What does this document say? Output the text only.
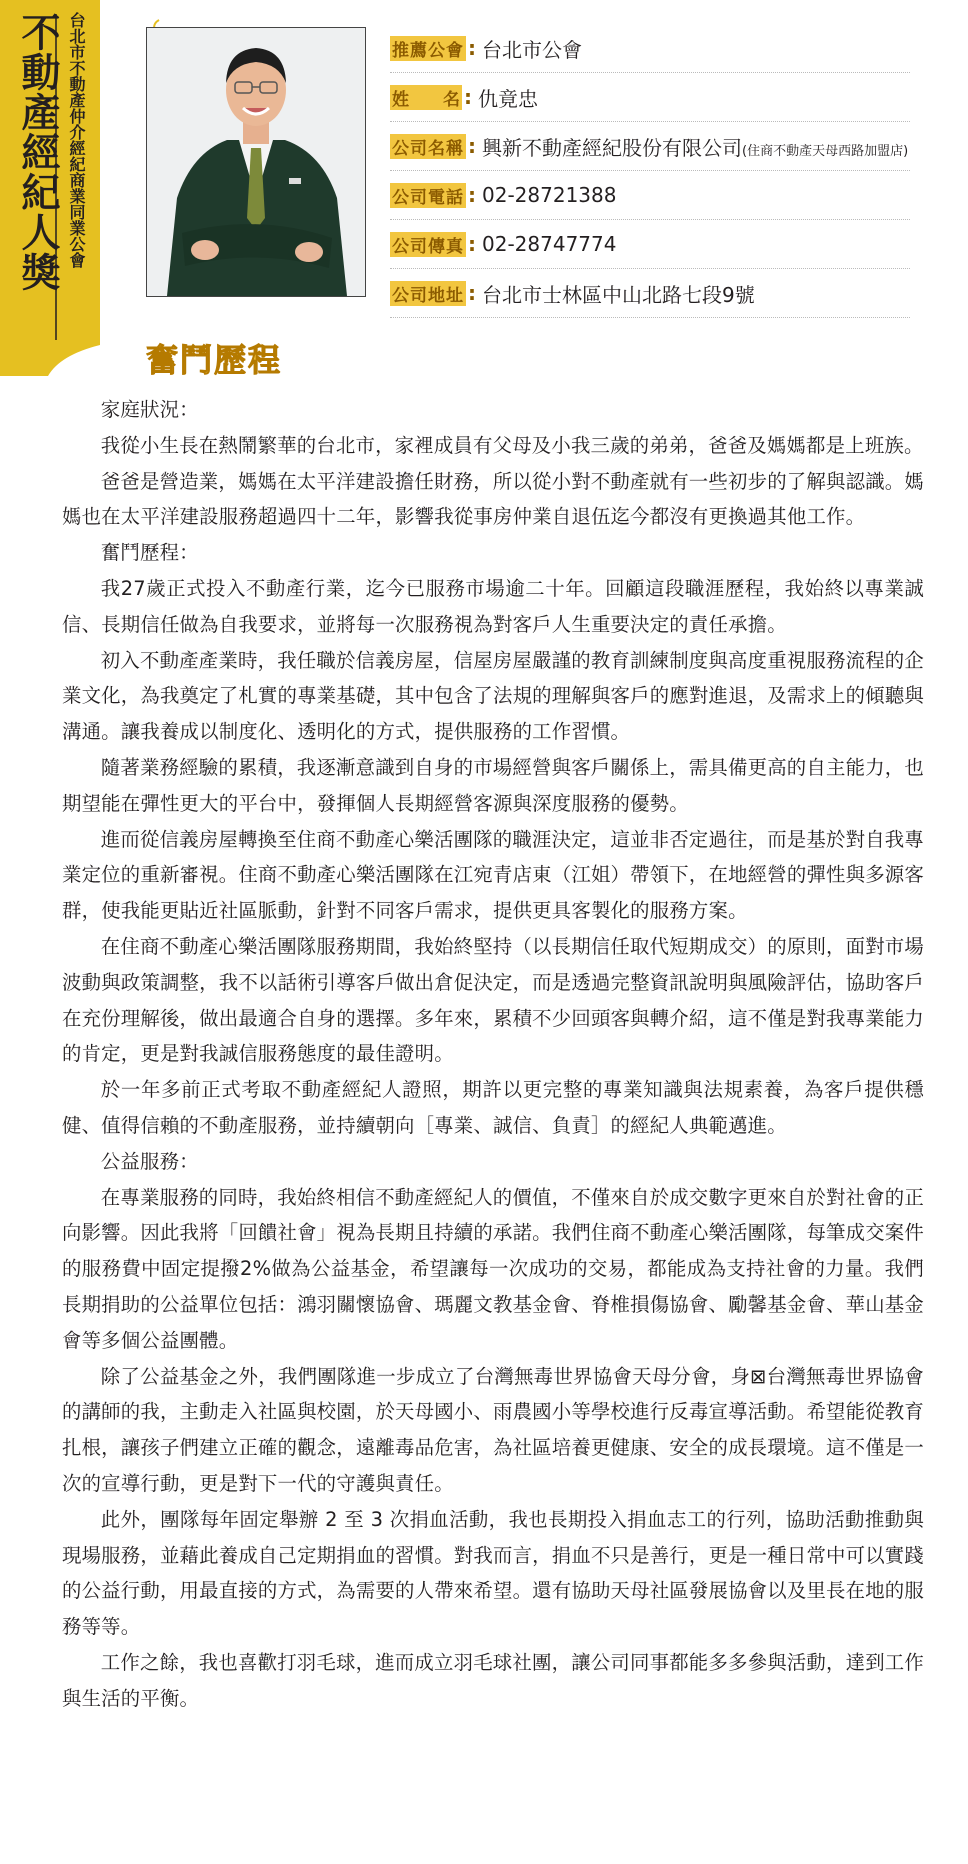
不動產經紀人獎 台北市不動產仲介經紀商業同業公會	推薦公會 : 台北市公會
姓　　名 : 仇竟忠
公司名稱 : 興新不動產經紀股份有限公司(住商不動產天母西路加盟店)
公司電話 : 02-28721388
公司傳真 : 02-28747774
公司地址 : 台北市士林區中山北路七段9號
奮鬥歷程

家庭狀況：

我從小生長在熱鬧繁華的台北市，家裡成員有父母及小我三歲的弟弟，爸爸及媽媽都是上班族。

爸爸是營造業，媽媽在太平洋建設擔任財務，所以從小對不動產就有一些初步的了解與認識。媽媽也在太平洋建設服務超過四十二年，影響我從事房仲業自退伍迄今都沒有更換過其他工作。

奮鬥歷程：

我27歲正式投入不動產行業，迄今已服務市場逾二十年。回顧這段職涯歷程，我始終以專業誠信、長期信任做為自我要求，並將每一次服務視為對客戶人生重要決定的責任承擔。

初入不動產產業時，我任職於信義房屋，信屋房屋嚴謹的教育訓練制度與高度重視服務流程的企業文化，為我奠定了札實的專業基礎，其中包含了法規的理解與客戶的應對進退，及需求上的傾聽與溝通。讓我養成以制度化、透明化的方式，提供服務的工作習慣。

隨著業務經驗的累積，我逐漸意識到自身的市場經營與客戶關係上，需具備更高的自主能力，也期望能在彈性更大的平台中，發揮個人長期經營客源與深度服務的優勢。

進而從信義房屋轉換至住商不動產心樂活團隊的職涯決定，這並非否定過往，而是基於對自我專業定位的重新審視。住商不動產心樂活團隊在江宛青店東（江姐）帶領下，在地經營的彈性與多源客群，使我能更貼近社區脈動，針對不同客戶需求，提供更具客製化的服務方案。

在住商不動產心樂活團隊服務期間，我始終堅持（以長期信任取代短期成交）的原則，面對市場波動與政策調整，我不以話術引導客戶做出倉促決定，而是透過完整資訊說明與風險評估，協助客戶在充份理解後，做出最適合自身的選擇。多年來，累積不少回頭客與轉介紹，這不僅是對我專業能力的肯定，更是對我誠信服務態度的最佳證明。

於一年多前正式考取不動產經紀人證照，期許以更完整的專業知識與法規素養，為客戶提供穩健、值得信賴的不動產服務，並持續朝向［專業、誠信、負責］的經紀人典範邁進。

公益服務：

在專業服務的同時，我始終相信不動產經紀人的價值，不僅來自於成交數字更來自於對社會的正向影響。因此我將「回饋社會」視為長期且持續的承諾。我們住商不動產心樂活團隊，每筆成交案件的服務費中固定提撥2%做為公益基金，希望讓每一次成功的交易，都能成為支持社會的力量。我們長期捐助的公益單位包括：鴻羽關懷協會、瑪麗文教基金會、脊椎損傷協會、勵馨基金會、華山基金會等多個公益團體。

除了公益基金之外，我們團隊進一步成立了台灣無毒世界協會天母分會，身⊠台灣無毒世界協會的講師的我，主動走入社區與校園，於天母國小、雨農國小等學校進行反毒宣導活動。希望能從教育扎根，讓孩子們建立正確的觀念，遠離毒品危害，為社區培養更健康、安全的成長環境。這不僅是一次的宣導行動，更是對下一代的守護與責任。

此外，團隊每年固定舉辦 2 至 3 次捐血活動，我也長期投入捐血志工的行列，協助活動推動與現場服務，並藉此養成自己定期捐血的習慣。對我而言，捐血不只是善行，更是一種日常中可以實踐的公益行動，用最直接的方式，為需要的人帶來希望。還有協助天母社區發展協會以及里長在地的服務等等。

工作之餘，我也喜歡打羽毛球，進而成立羽毛球社團，讓公司同事都能多多參與活動，達到工作與生活的平衡。
